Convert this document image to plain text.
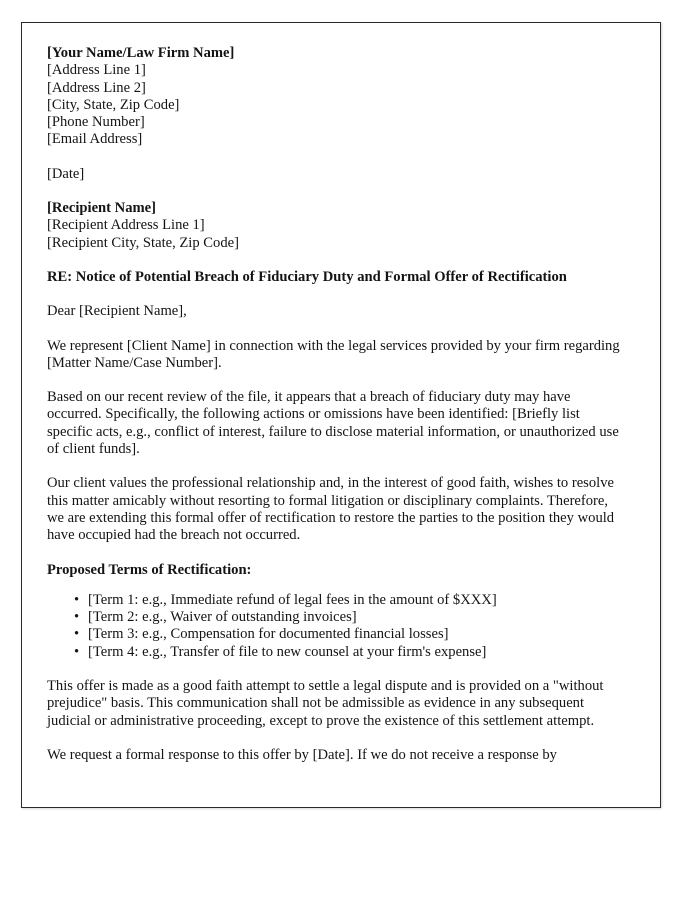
[Your Name/Law Firm Name]
[Address Line 1]
[Address Line 2]
[City, State, Zip Code]
[Phone Number]
[Email Address]
[Date]
[Recipient Name]
[Recipient Address Line 1]
[Recipient City, State, Zip Code]
RE: Notice of Potential Breach of Fiduciary Duty and Formal Offer of Rectification
Dear [Recipient Name],

We represent [Client Name] in connection with the legal services provided by your firm regarding [Matter Name/Case Number].

Based on our recent review of the file, it appears that a breach of fiduciary duty may have occurred. Specifically, the following actions or omissions have been identified: [Briefly list specific acts, e.g., conflict of interest, failure to disclose material information, or unauthorized use of client funds].

Our client values the professional relationship and, in the interest of good faith, wishes to resolve this matter amicably without resorting to formal litigation or disciplinary complaints. Therefore, we are extending this formal offer of rectification to restore the parties to the position they would have occupied had the breach not occurred.

Proposed Terms of Rectification:
• [Term 1: e.g., Immediate refund of legal fees in the amount of $XXX]
• [Term 2: e.g., Waiver of outstanding invoices]
• [Term 3: e.g., Compensation for documented financial losses]
• [Term 4: e.g., Transfer of file to new counsel at your firm's expense]

This offer is made as a good faith attempt to settle a legal dispute and is provided on a "without prejudice" basis. This communication shall not be admissible as evidence in any subsequent judicial or administrative proceeding, except to prove the existence of this settlement attempt.

We request a formal response to this offer by [Date]. If we do not receive a response by
